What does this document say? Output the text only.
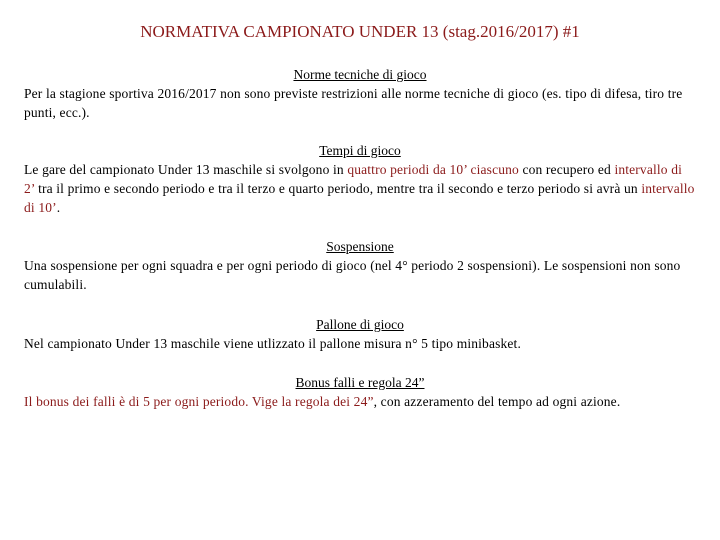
NORMATIVA CAMPIONATO UNDER 13 (stag.2016/2017) #1
Norme tecniche di gioco
Per la stagione sportiva 2016/2017 non sono previste restrizioni alle norme tecniche di gioco (es. tipo di difesa, tiro tre punti, ecc.).
Tempi di gioco
Le gare del campionato Under 13 maschile si svolgono in quattro periodi da 10’ ciascuno con recupero ed intervallo di 2’ tra il primo e secondo periodo e tra il terzo e quarto periodo, mentre tra il secondo e terzo periodo si avrà un intervallo di 10’.
Sospensione
Una sospensione per ogni squadra e per ogni periodo di gioco (nel 4° periodo 2 sospensioni). Le sospensioni non sono cumulabili.
Pallone di gioco
Nel campionato Under 13 maschile viene utlizzato il pallone misura n° 5 tipo minibasket.
Bonus falli e regola 24”
Il bonus dei falli è di 5 per ogni periodo. Vige la regola dei 24”, con azzeramento del tempo ad ogni azione.
